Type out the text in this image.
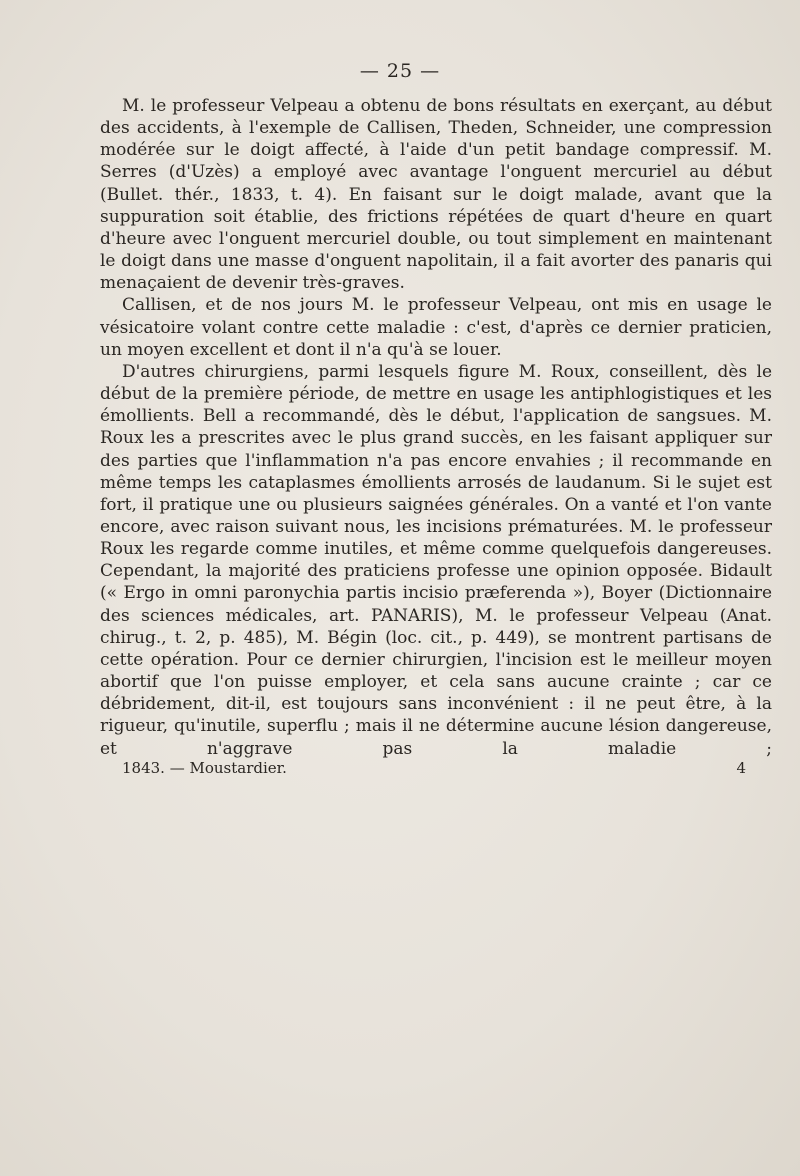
— 25 —

M. le professeur Velpeau a obtenu de bons résultats en exerçant, au début des accidents, à l'exemple de Callisen, Theden, Schneider, une compression modérée sur le doigt affecté, à l'aide d'un petit bandage compressif. M. Serres (d'Uzès) a employé avec avantage l'onguent mercuriel au début (Bullet. thér., 1833, t. 4). En faisant sur le doigt malade, avant que la suppuration soit établie, des frictions répétées de quart d'heure en quart d'heure avec l'onguent mercuriel double, ou tout simplement en maintenant le doigt dans une masse d'onguent napolitain, il a fait avorter des panaris qui menaçaient de devenir très-graves.

Callisen, et de nos jours M. le professeur Velpeau, ont mis en usage le vésicatoire volant contre cette maladie : c'est, d'après ce dernier praticien, un moyen excellent et dont il n'a qu'à se louer.

D'autres chirurgiens, parmi lesquels figure M. Roux, conseillent, dès le début de la première période, de mettre en usage les antiphlogistiques et les émollients. Bell a recommandé, dès le début, l'application de sangsues. M. Roux les a prescrites avec le plus grand succès, en les faisant appliquer sur des parties que l'inflammation n'a pas encore envahies ; il recommande en même temps les cataplasmes émollients arrosés de laudanum. Si le sujet est fort, il pratique une ou plusieurs saignées générales. On a vanté et l'on vante encore, avec raison suivant nous, les incisions prématurées. M. le professeur Roux les regarde comme inutiles, et même comme quelquefois dangereuses. Cependant, la majorité des praticiens professe une opinion opposée. Bidault (« Ergo in omni paronychia partis incisio præferenda »), Boyer (Dictionnaire des sciences médicales, art. PANARIS), M. le professeur Velpeau (Anat. chirug., t. 2, p. 485), M. Bégin (loc. cit., p. 449), se montrent partisans de cette opération. Pour ce dernier chirurgien, l'incision est le meilleur moyen abortif que l'on puisse employer, et cela sans aucune crainte ; car ce débridement, dit-il, est toujours sans inconvénient : il ne peut être, à la rigueur, qu'inutile, superflu ; mais il ne détermine aucune lésion dangereuse, et n'aggrave pas la maladie ;

1843. — Moustardier.	4
